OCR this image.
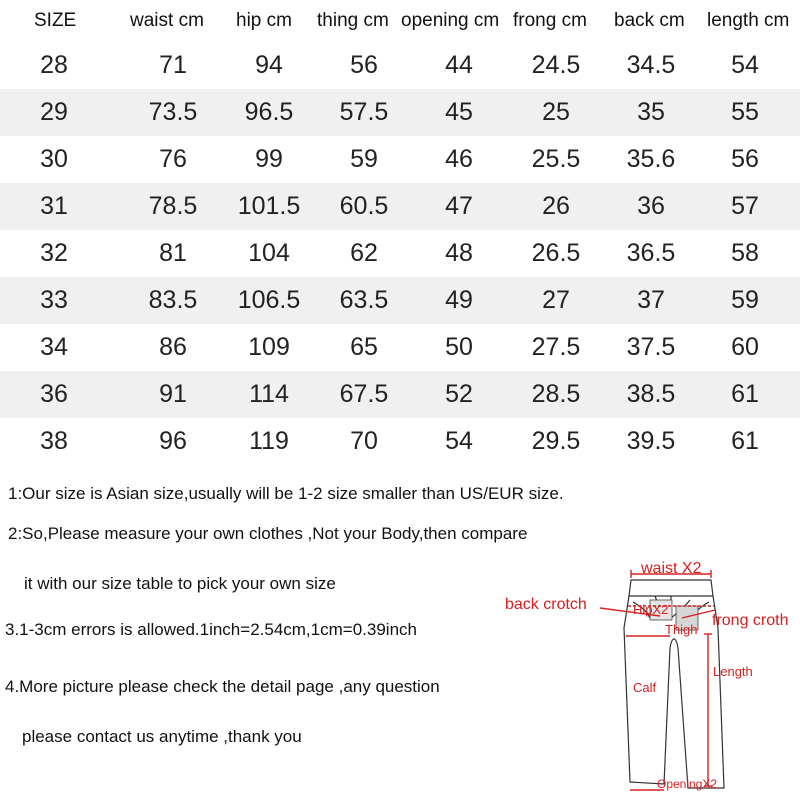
SIZE	waist cm hip cm thing cm opening cm frong cm back cm length cm
28	71	94	56	44	24.5	34.5	54
29	73.5	96.5	57.5	45	25	35	55
30	76	99	59	46	25.5	35.6	56
31	78.5	101.5	60.5	47	26	36	57
32	81	104	62	48	26.5	36.5	58
33	83.5	106.5	63.5	49	27	37	59
34	86	109	65	50	27.5	37.5	60
36	91	114	67.5	52	28.5	38.5	61
38	96	119	70	54	29.5	39.5	61
1:Our size is Asian size,usually will be 1-2 size smaller than US/EUR size.
2:So,Please measure your own clothes ,Not your Body,then compare
it with our size table to pick your own size
3.1-3cm errors is allowed.1inch=2.54cm,1cm=0.39inch
4.More picture please check the detail page ,any question
please contact us anytime ,thank you
waist X2
back crotch	HipX2
frong croth
Thigh
Length
Calf
OpeningX2
